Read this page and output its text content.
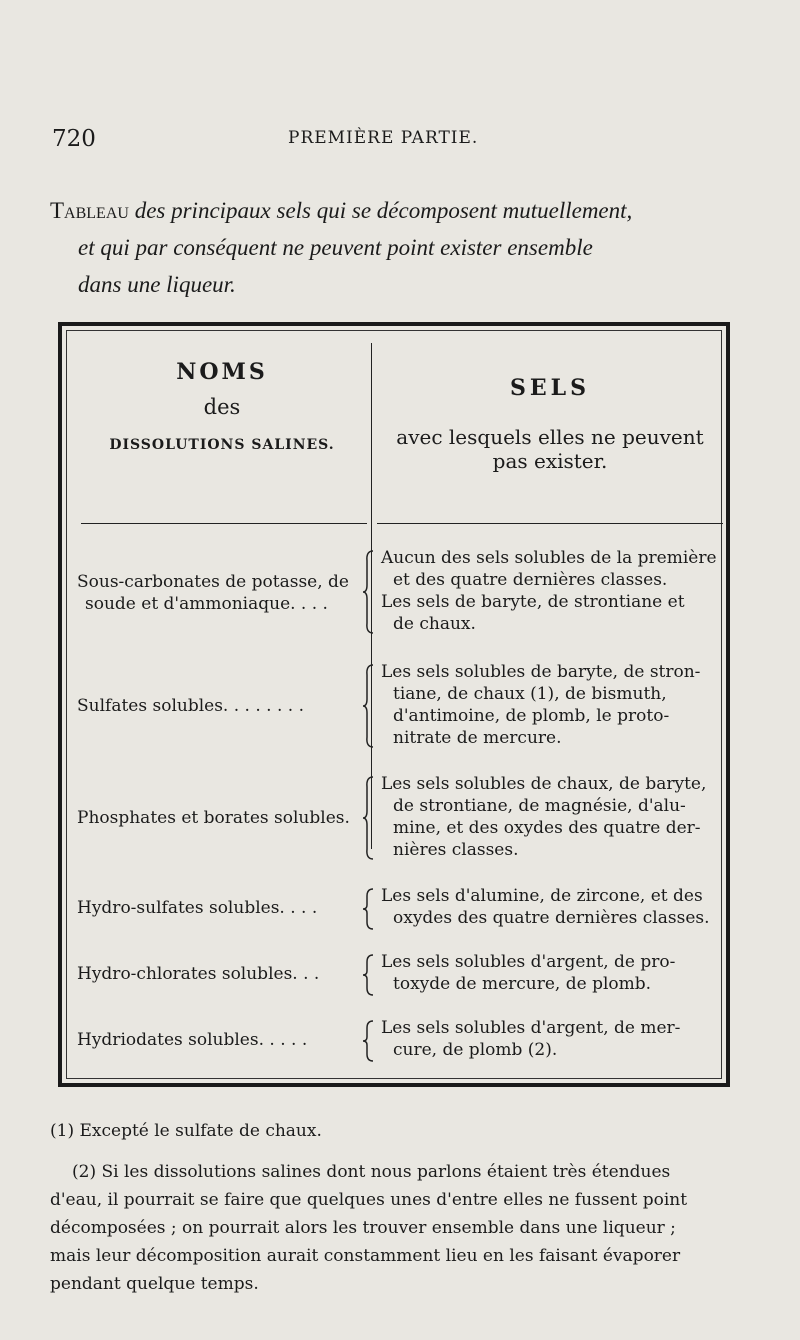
720	PREMIÈRE PARTIE.
Tableau des principaux sels qui se décomposent mutuellement,
et qui par conséquent ne peuvent point exister ensemble
dans une liqueur.
NOMS
des
DISSOLUTIONS SALINES.
SELS
avec lesquels elles ne peuvent
pas exister.
Sous-carbonates de potasse, de
soude et d'ammoniaque. . . .
Aucun des sels solubles de la première
et des quatre dernières classes.
Les sels de baryte, de strontiane et
de chaux.
Sulfates solubles. . . . . . . .
Les sels solubles de baryte, de stron-
tiane, de chaux (1), de bismuth,
d'antimoine, de plomb, le proto-
nitrate de mercure.
Phosphates et borates solubles.
Les sels solubles de chaux, de baryte,
de strontiane, de magnésie, d'alu-
mine, et des oxydes des quatre der-
nières classes.
Hydro-sulfates solubles. . . .
Les sels d'alumine, de zircone, et des
oxydes des quatre dernières classes.
Hydro-chlorates solubles. . .
Les sels solubles d'argent, de pro-
toxyde de mercure, de plomb.
Hydriodates solubles. . . . .
Les sels solubles d'argent, de mer-
cure, de plomb (2).
(1) Excepté le sulfate de chaux.
(2) Si les dissolutions salines dont nous parlons étaient très étendues
d'eau, il pourrait se faire que quelques unes d'entre elles ne fussent point
décomposées ; on pourrait alors les trouver ensemble dans une liqueur ;
mais leur décomposition aurait constamment lieu en les faisant évaporer
pendant quelque temps.
